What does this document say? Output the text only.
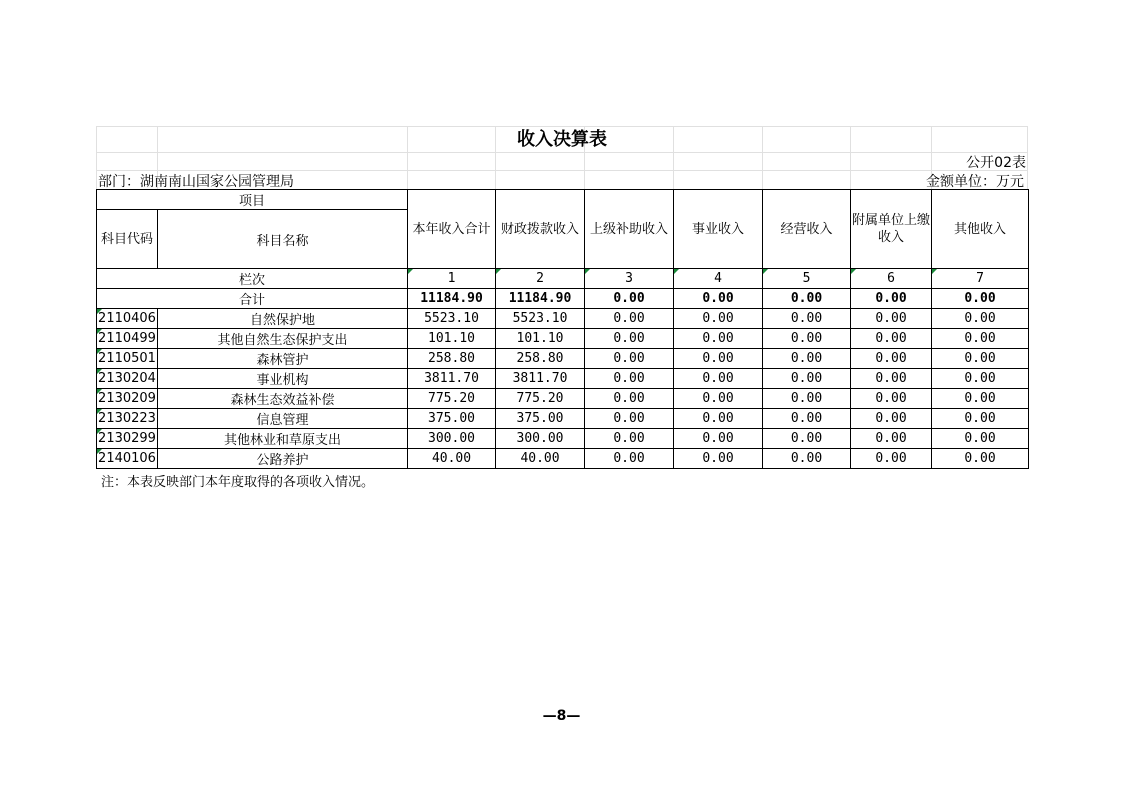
收入决算表
公开02表
部门：湖南南山国家公园管理局	金额单位：万元
项目		本年收入合计	财政拨款收入	上级补助收入	事业收入	经营收入	附属单位上缴收入	其他收入
科目代码	科目名称							
栏次		1	2	3	4	5	6	7
合计		11184.90	11184.90	0.00	0.00	0.00	0.00	0.00

2110406	自然保护地	5523.10	5523.10	0.00	0.00	0.00	0.00	0.00

2110499	其他自然生态保护支出	101.10	101.10	0.00	0.00	0.00	0.00	0.00

2110501	森林管护	258.80	258.80	0.00	0.00	0.00	0.00	0.00

2130204	事业机构	3811.70	3811.70	0.00	0.00	0.00	0.00	0.00

2130209	森林生态效益补偿	775.20	775.20	0.00	0.00	0.00	0.00	0.00

2130223	信息管理	375.00	375.00	0.00	0.00	0.00	0.00	0.00

2130299	其他林业和草原支出	300.00	300.00	0.00	0.00	0.00	0.00	0.00

2140106	公路养护	40.00	40.00	0.00	0.00	0.00	0.00	0.00
注：本表反映部门本年度取得的各项收入情况。
—8—
